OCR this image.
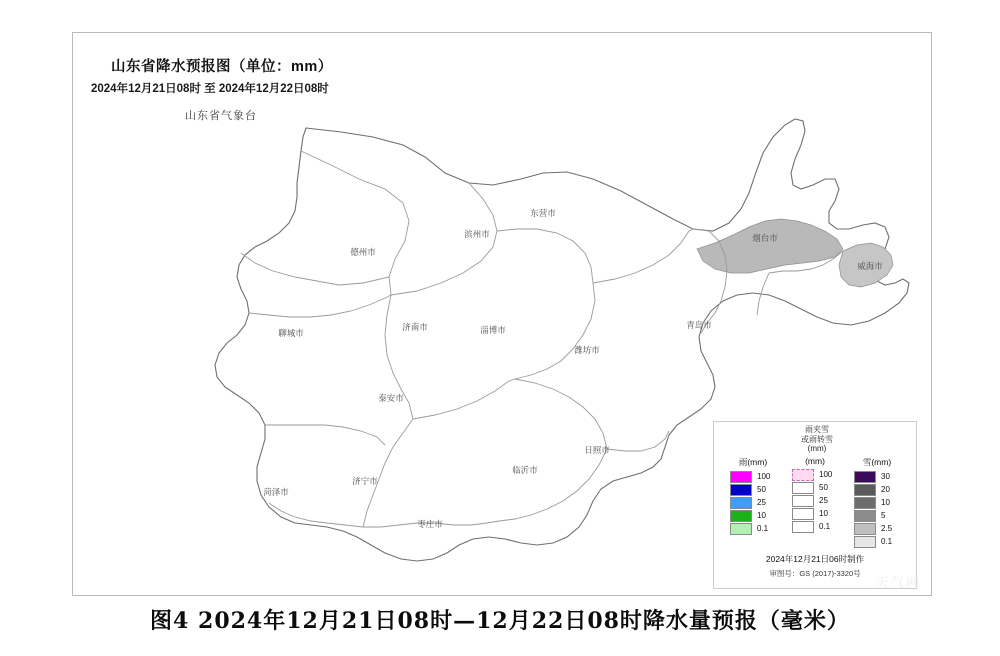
德州市
滨州市
东营市
聊城市
济南市	淄博市
潍坊市
青岛市
烟台市
威海市
泰安市
菏泽市
济宁市
枣庄市
临沂市
日照市
山东省降水预报图（单位：mm）
2024年12月21日08时 至 2024年12月22日08时
山东省气象台
雨夹雪
或雨转雪
(mm)
雨(mm)
100
50
25
10
0.1
(mm)
100
50
25
10
0.1
雪(mm)
30
20
10
5
2.5
0.1
2024年12月21日06时制作
审图号：GS (2017)-3320号
天气网
图4 2024年12月21日08时—12月22日08时降水量预报（毫米）
